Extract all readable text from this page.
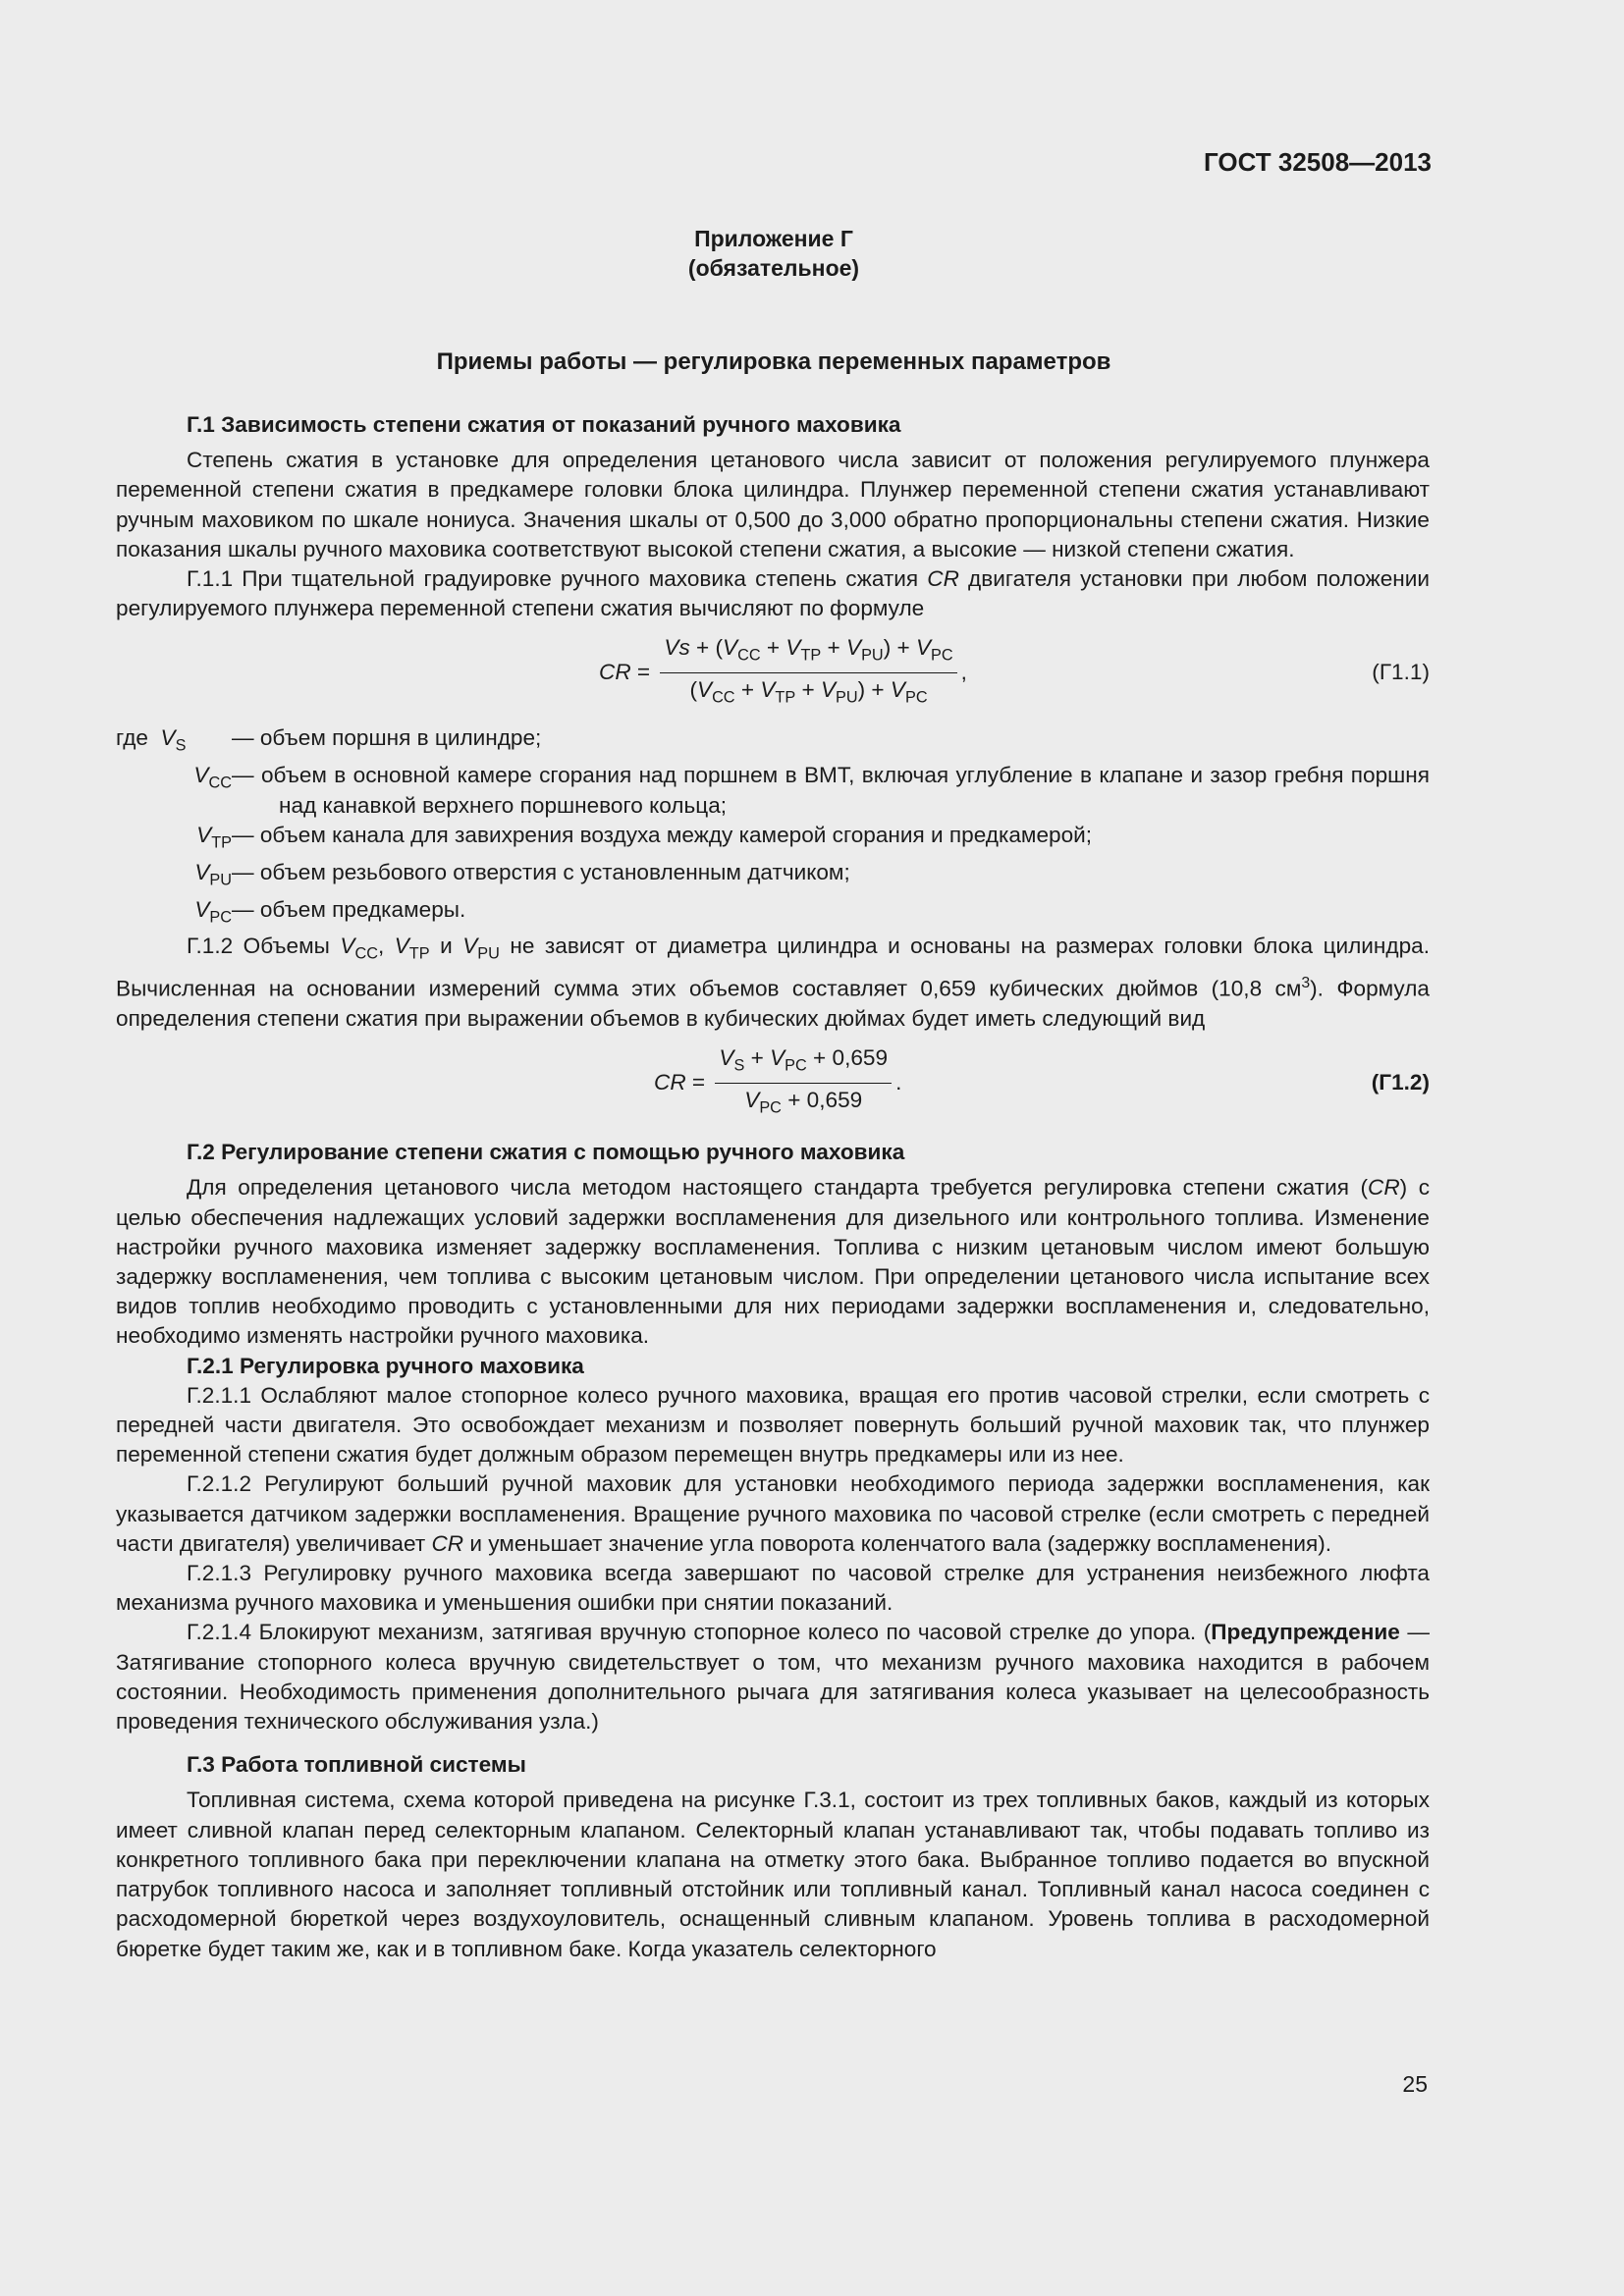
ГОСТ 32508—2013
Приложение Г
(обязательное)
Приемы работы — регулировка переменных параметров

Г.1 Зависимость степени сжатия от показаний ручного маховика

Степень сжатия в установке для определения цетанового числа зависит от положения регулируемого плунжера переменной степени сжатия в предкамере головки блока цилиндра. Плунжер переменной степени сжатия устанавливают ручным маховиком по шкале нониуса. Значения шкалы от 0,500 до 3,000 обратно пропорциональны степени сжатия. Низкие показания шкалы ручного маховика соответствуют высокой степени сжатия, а высокие — низкой степени сжатия.

Г.1.1 При тщательной градуировке ручного маховика степень сжатия CR двигателя установки при любом положении регулируемого плунжера переменной степени сжатия вычисляют по формуле

CR = $\frac{Vs + (V_{CC} + V_{TP} + V_{PU}) + V_{PC}}{(V_{CC} + V_{TP} + V_{PU}) + V_{PC}}$ ,	(Г1.1)
где $V_S$	— объем поршня в цилиндре;
$V_{CC}$ — объем в основной камере сгорания над поршнем в ВМТ, включая углубление в клапане и зазор гребня поршня над канавкой верхнего поршневого кольца;
$V_{TP}$ — объем канала для завихрения воздуха между камерой сгорания и предкамерой;
$V_{PU}$ — объем резьбового отверстия с установленным датчиком;
$V_{PC}$ — объем предкамеры.

Г.1.2 Объемы $V_{CC}$, $V_{TP}$ и $V_{PU}$ не зависят от диаметра цилиндра и основаны на размерах головки блока цилиндра. Вычисленная на основании измерений сумма этих объемов составляет 0,659 кубических дюймов (10,8 $см^3$). Формула определения степени сжатия при выражении объемов в кубических дюймах будет иметь следующий вид

CR = $\frac{V_S + V_{PC} + 0,659}{V_{PC} + 0,659}$ .	(Г1.2)

Г.2 Регулирование степени сжатия с помощью ручного маховика

Для определения цетанового числа методом настоящего стандарта требуется регулировка степени сжатия (CR) с целью обеспечения надлежащих условий задержки воспламенения для дизельного или контрольного топлива. Изменение настройки ручного маховика изменяет задержку воспламенения. Топлива с низким цетановым числом имеют большую задержку воспламенения, чем топлива с высоким цетановым числом. При определении цетанового числа испытание всех видов топлив необходимо проводить с установленными для них периодами задержки воспламенения и, следовательно, необходимо изменять настройки ручного маховика.

Г.2.1 Регулировка ручного маховика

Г.2.1.1 Ослабляют малое стопорное колесо ручного маховика, вращая его против часовой стрелки, если смотреть с передней части двигателя. Это освобождает механизм и позволяет повернуть больший ручной маховик так, что плунжер переменной степени сжатия будет должным образом перемещен внутрь предкамеры или из нее.

Г.2.1.2 Регулируют больший ручной маховик для установки необходимого периода задержки воспламенения, как указывается датчиком задержки воспламенения. Вращение ручного маховика по часовой стрелке (если смотреть с передней части двигателя) увеличивает CR и уменьшает значение угла поворота коленчатого вала (задержку воспламенения).

Г.2.1.3 Регулировку ручного маховика всегда завершают по часовой стрелке для устранения неизбежного люфта механизма ручного маховика и уменьшения ошибки при снятии показаний.

Г.2.1.4 Блокируют механизм, затягивая вручную стопорное колесо по часовой стрелке до упора. (Предупреждение — Затягивание стопорного колеса вручную свидетельствует о том, что механизм ручного маховика находится в рабочем состоянии. Необходимость применения дополнительного рычага для затягивания колеса указывает на целесообразность проведения технического обслуживания узла.)

Г.3 Работа топливной системы

Топливная система, схема которой приведена на рисунке Г.3.1, состоит из трех топливных баков, каждый из которых имеет сливной клапан перед селекторным клапаном. Селекторный клапан устанавливают так, чтобы подавать топливо из конкретного топливного бака при переключении клапана на отметку этого бака. Выбранное топливо подается во впускной патрубок топливного насоса и заполняет топливный отстойник или топливный канал. Топливный канал насоса соединен с расходомерной бюреткой через воздухоуловитель, оснащенный сливным клапаном. Уровень топлива в расходомерной бюретке будет таким же, как и в топливном баке. Когда указатель селекторного

25
